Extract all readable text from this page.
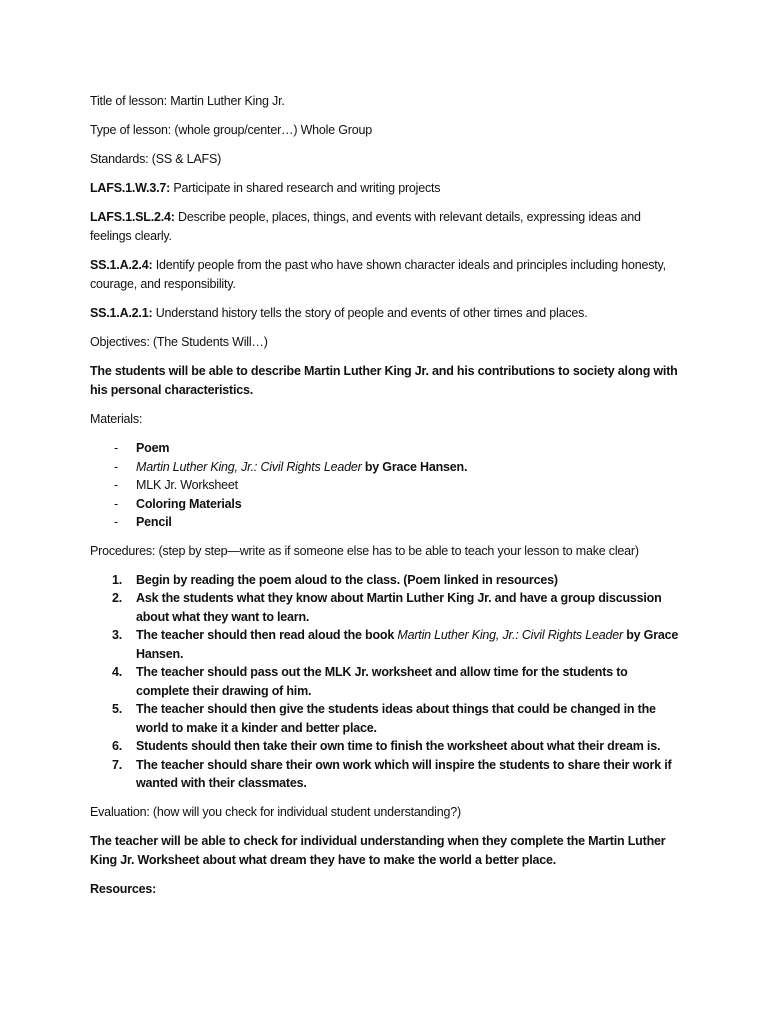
Title of lesson: Martin Luther King Jr.

Type of lesson: (whole group/center…) Whole Group

Standards: (SS & LAFS)

LAFS.1.W.3.7: Participate in shared research and writing projects

LAFS.1.SL.2.4: Describe people, places, things, and events with relevant details, expressing ideas and feelings clearly.

SS.1.A.2.4: Identify people from the past who have shown character ideals and principles including honesty, courage, and responsibility.

SS.1.A.2.1: Understand history tells the story of people and events of other times and places.

Objectives: (The Students Will…)

The students will be able to describe Martin Luther King Jr. and his contributions to society along with his personal characteristics.

Materials:

- Poem
- Martin Luther King, Jr.: Civil Rights Leader by Grace Hansen.
- MLK Jr. Worksheet
- Coloring Materials
- Pencil

Procedures: (step by step—write as if someone else has to be able to teach your lesson to make clear)

1. Begin by reading the poem aloud to the class. (Poem linked in resources)
2. Ask the students what they know about Martin Luther King Jr. and have a group discussion about what they want to learn.
3. The teacher should then read aloud the book Martin Luther King, Jr.: Civil Rights Leader by Grace Hansen.
4. The teacher should pass out the MLK Jr. worksheet and allow time for the students to complete their drawing of him.
5. The teacher should then give the students ideas about things that could be changed in the world to make it a kinder and better place.
6. Students should then take their own time to finish the worksheet about what their dream is.
7. The teacher should share their own work which will inspire the students to share their work if wanted with their classmates.

Evaluation: (how will you check for individual student understanding?)

The teacher will be able to check for individual understanding when they complete the Martin Luther King Jr. Worksheet about what dream they have to make the world a better place.

Resources:
